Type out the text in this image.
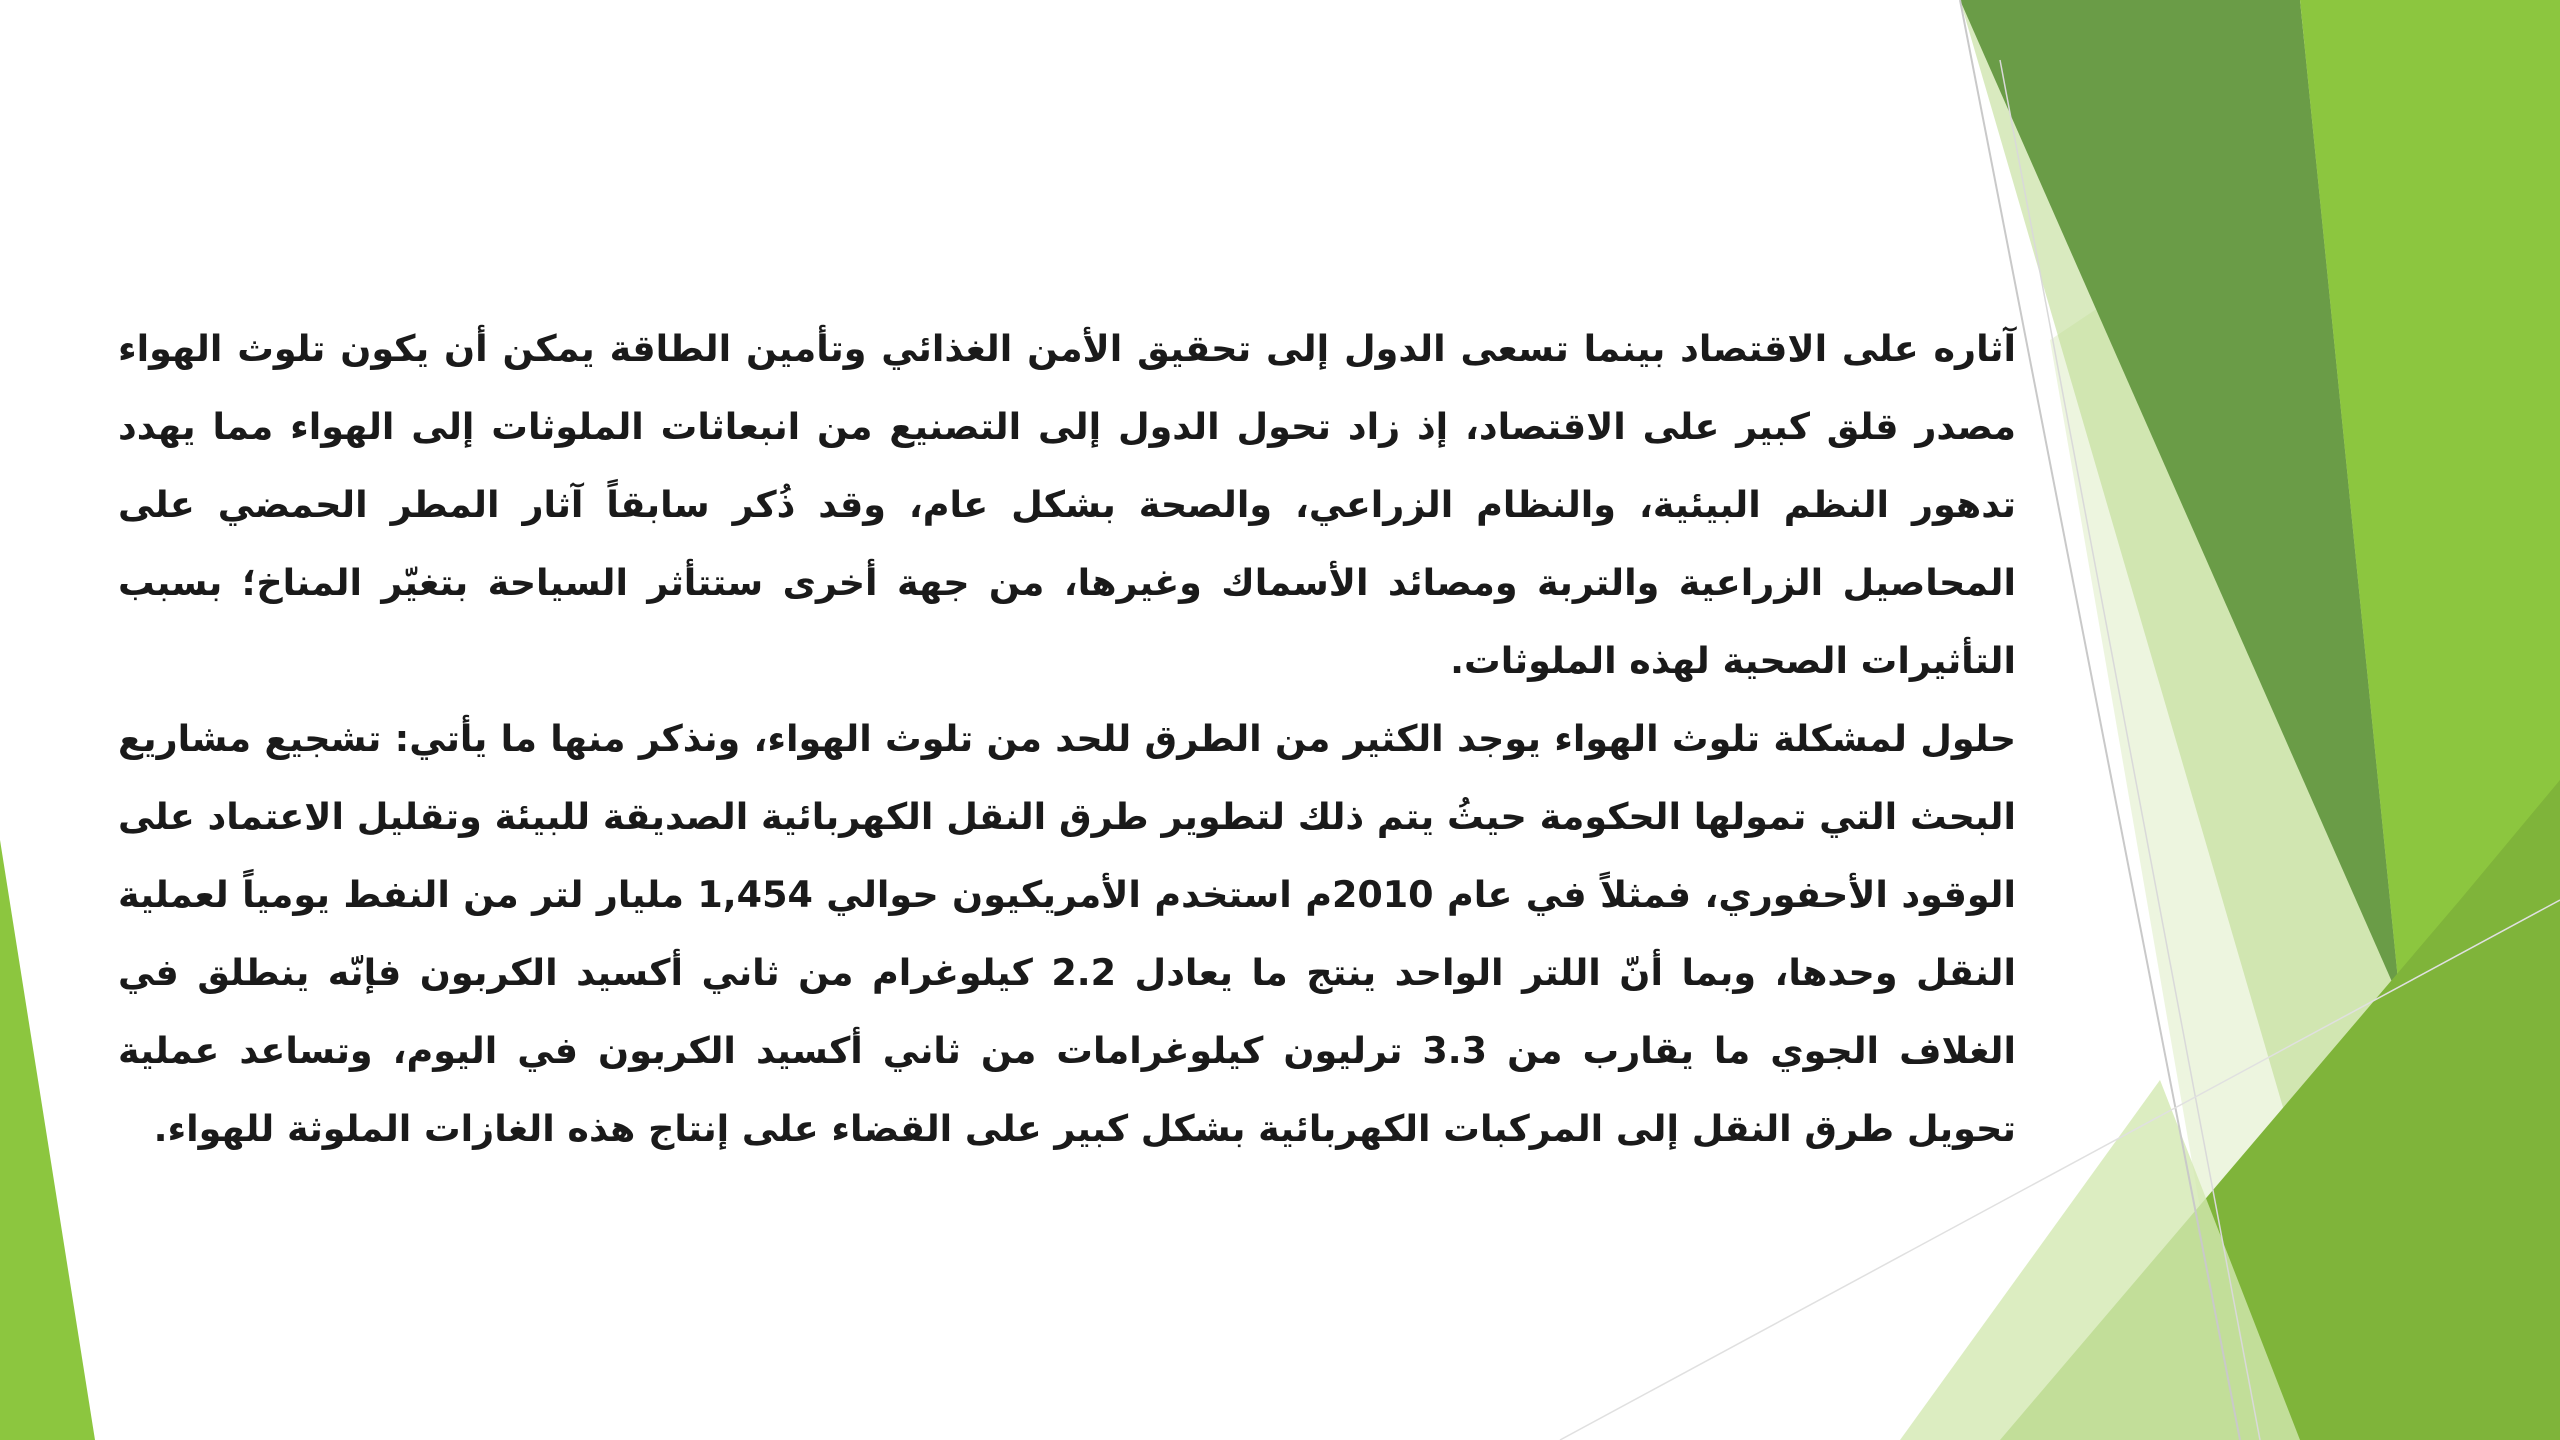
آثاره على الاقتصاد بينما تسعى الدول إلى تحقيق الأمن الغذائي وتأمين الطاقة يمكن أن يكون تلوث الهواء مصدر قلق كبير على الاقتصاد، إذ زاد تحول الدول إلى التصنيع من انبعاثات الملوثات إلى الهواء مما يهدد تدهور النظم البيئية، والنظام الزراعي، والصحة بشكل عام، وقد ذُكر سابقاً آثار المطر الحمضي على المحاصيل الزراعية والتربة ومصائد الأسماك وغيرها، من جهة أخرى ستتأثر السياحة بتغيّر المناخ؛ بسبب التأثيرات الصحية لهذه الملوثات.

حلول لمشكلة تلوث الهواء يوجد الكثير من الطرق للحد من تلوث الهواء، ونذكر منها ما يأتي: تشجيع مشاريع البحث التي تمولها الحكومة حيثُ يتم ذلك لتطوير طرق النقل الكهربائية الصديقة للبيئة وتقليل الاعتماد على الوقود الأحفوري، فمثلاً في عام 2010م استخدم الأمريكيون حوالي 1,454 مليار لتر من النفط يومياً لعملية النقل وحدها، وبما أنّ اللتر الواحد ينتج ما يعادل 2.2 كيلوغرام من ثاني أكسيد الكربون فإنّه ينطلق في الغلاف الجوي ما يقارب من 3.3 ترليون كيلوغرامات من ثاني أكسيد الكربون في اليوم، وتساعد عملية تحويل طرق النقل إلى المركبات الكهربائية بشكل كبير على القضاء على إنتاج هذه الغازات الملوثة للهواء.
